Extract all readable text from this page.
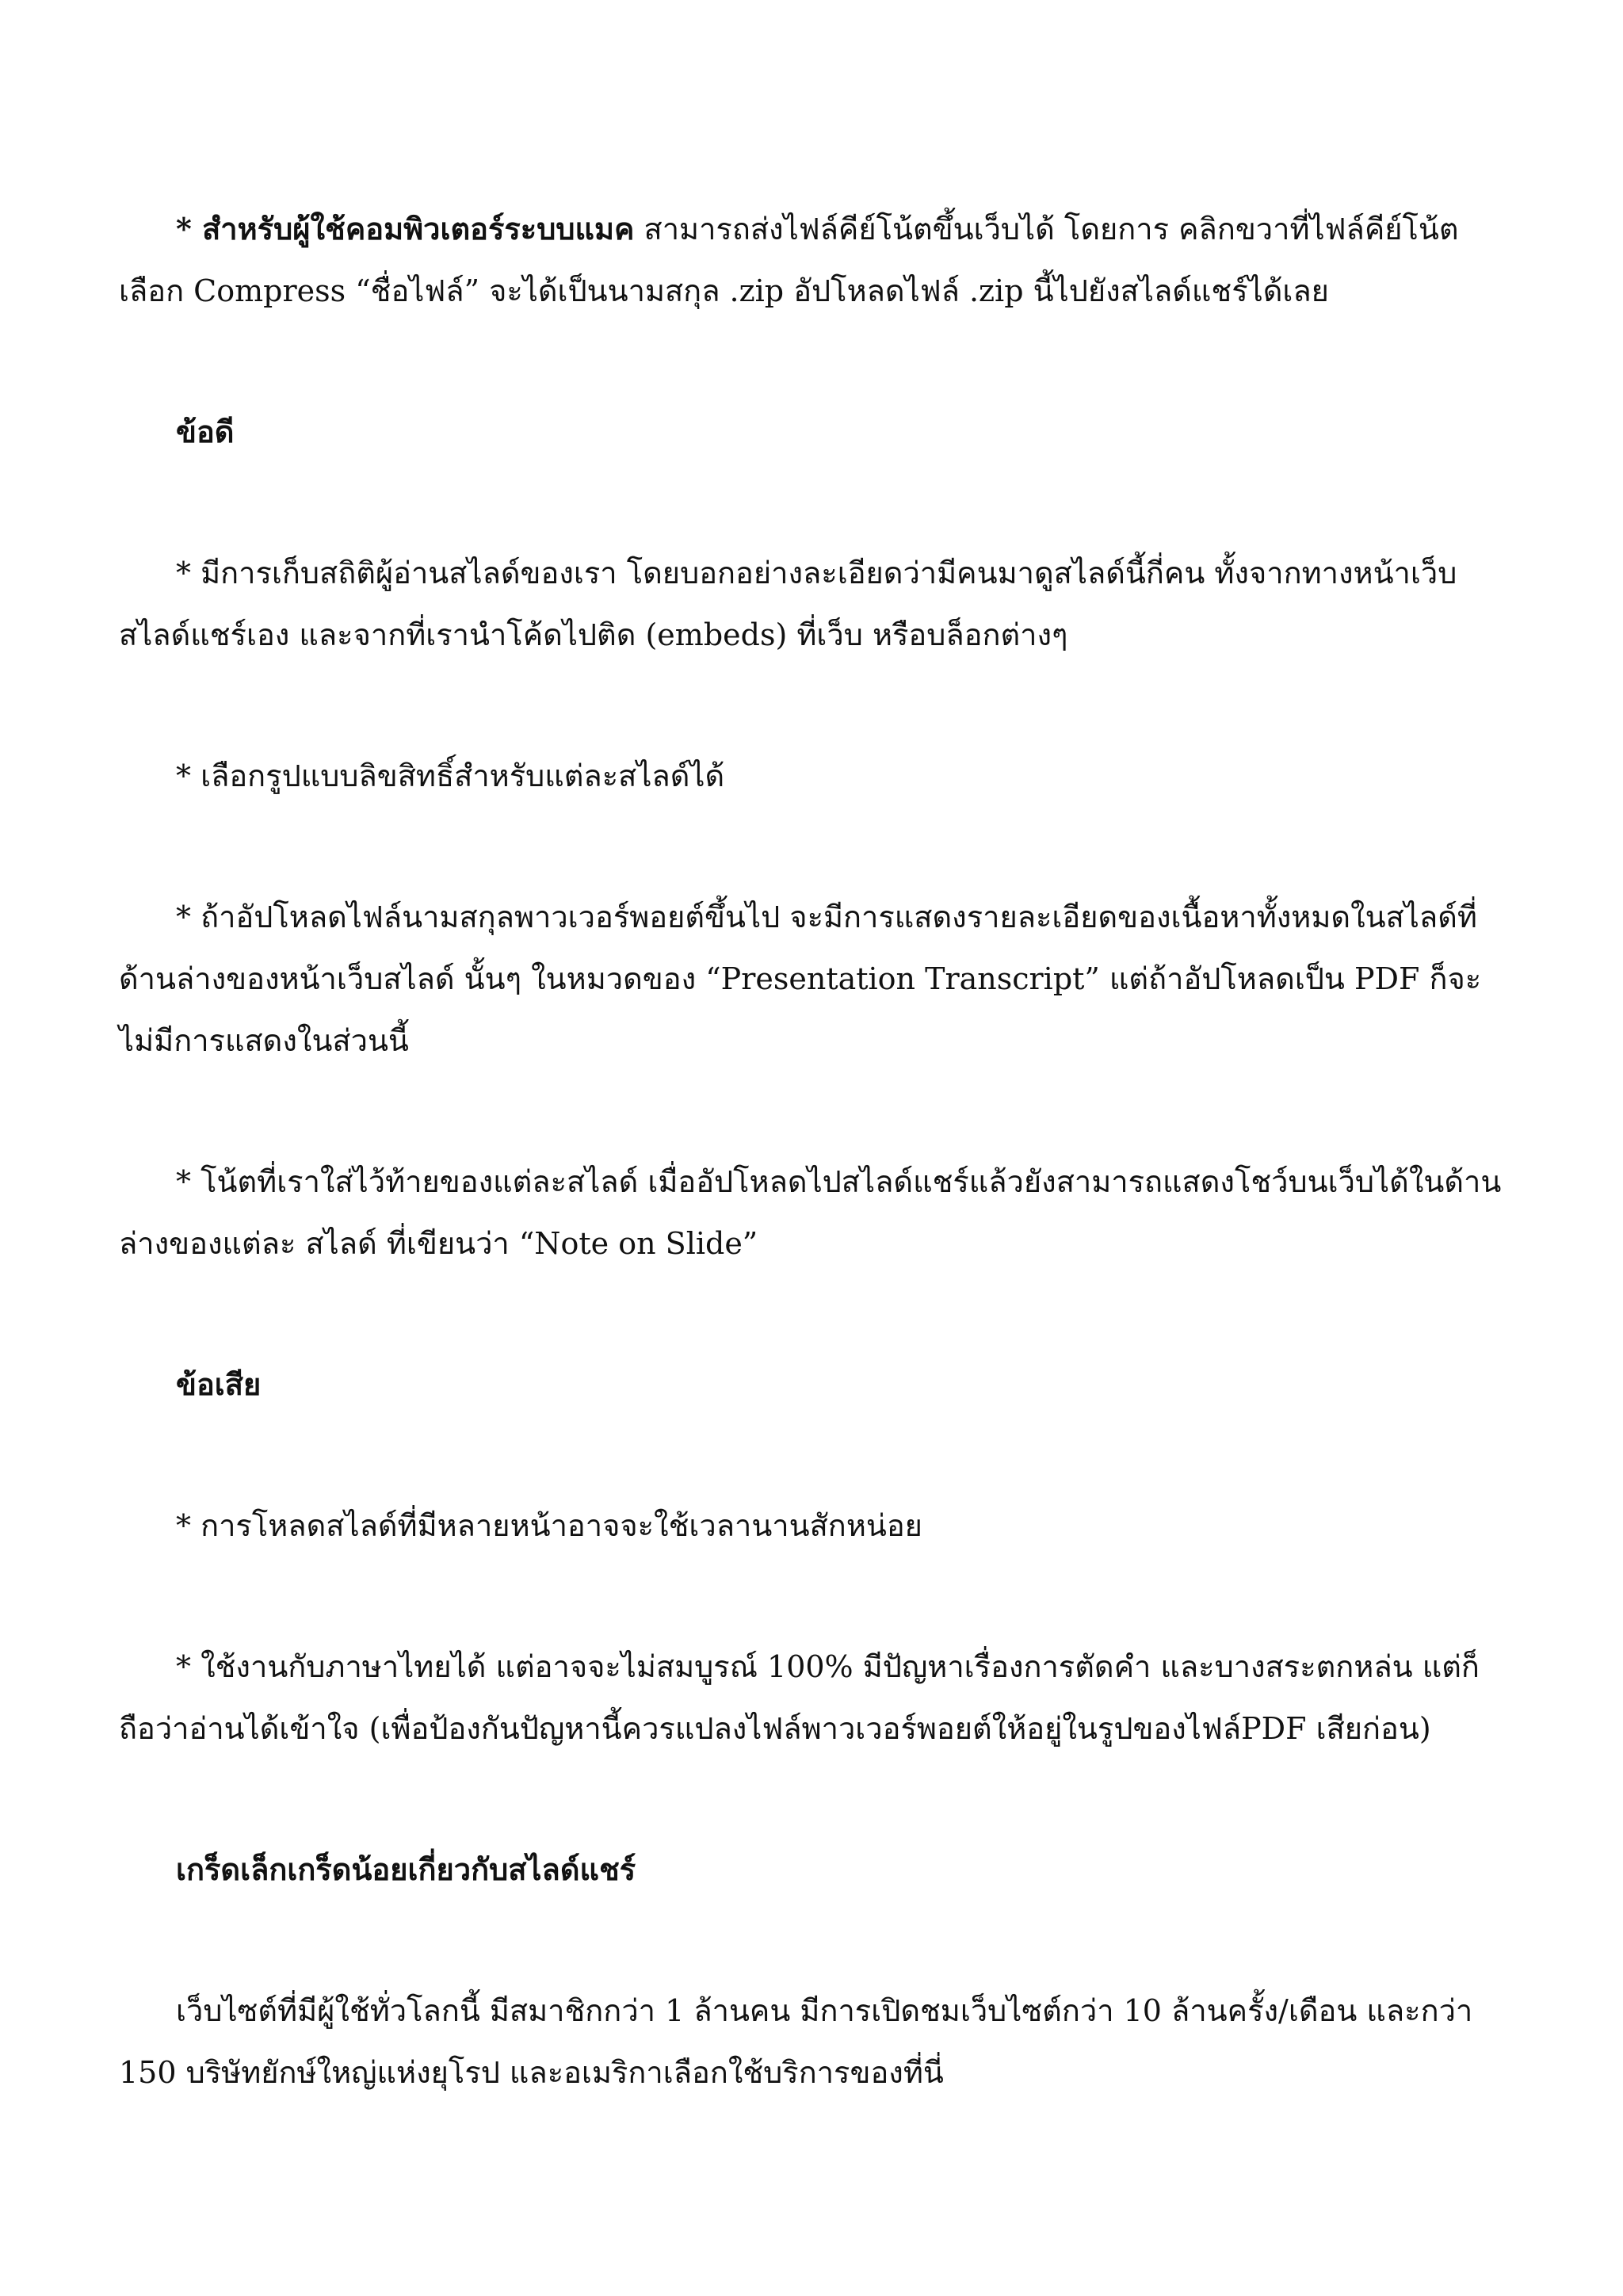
* สำหรับผู้ใช้คอมพิวเตอร์ระบบแมค สามารถส่งไฟล์คีย์โน้ตขึ้นเว็บได้ โดยการ คลิกขวาที่ไฟล์คีย์โน้ต เลือก Compress “ชื่อไฟล์” จะได้เป็นนามสกุล .zip อัปโหลดไฟล์ .zip นี้ไปยังสไลด์แชร์ได้เลย

ข้อดี

* มีการเก็บสถิติผู้อ่านสไลด์ของเรา โดยบอกอย่างละเอียดว่ามีคนมาดูสไลด์นี้กี่คน ทั้งจากทางหน้าเว็บสไลด์แชร์เอง และจากที่เรานำโค้ดไปติด (embeds) ที่เว็บ หรือบล็อกต่างๆ

* เลือกรูปแบบลิขสิทธิ์สำหรับแต่ละสไลด์ได้

* ถ้าอัปโหลดไฟล์นามสกุลพาวเวอร์พอยต์ขึ้นไป จะมีการแสดงรายละเอียดของเนื้อหาทั้งหมดในสไลด์ที่ด้านล่างของหน้าเว็บสไลด์ นั้นๆ ในหมวดของ “Presentation Transcript” แต่ถ้าอัปโหลดเป็น PDF ก็จะไม่มีการแสดงในส่วนนี้

* โน้ตที่เราใส่ไว้ท้ายของแต่ละสไลด์ เมื่ออัปโหลดไปสไลด์แชร์แล้วยังสามารถแสดงโชว์บนเว็บได้ในด้านล่างของแต่ละ สไลด์ ที่เขียนว่า “Note on Slide”

ข้อเสีย

* การโหลดสไลด์ที่มีหลายหน้าอาจจะใช้เวลานานสักหน่อย

* ใช้งานกับภาษาไทยได้ แต่อาจจะไม่สมบูรณ์ 100% มีปัญหาเรื่องการตัดคำ และบางสระตกหล่น แต่ก็ถือว่าอ่านได้เข้าใจ (เพื่อป้องกันปัญหานี้ควรแปลงไฟล์พาวเวอร์พอยต์ให้อยู่ในรูปของไฟล์PDF เสียก่อน)

เกร็ดเล็กเกร็ดน้อยเกี่ยวกับสไลด์แชร์

เว็บไซต์ที่มีผู้ใช้ทั่วโลกนี้ มีสมาชิกกว่า 1 ล้านคน มีการเปิดชมเว็บไซต์กว่า 10 ล้านครั้ง/เดือน และกว่า 150 บริษัทยักษ์ใหญ่แห่งยุโรป และอเมริกาเลือกใช้บริการของที่นี่
